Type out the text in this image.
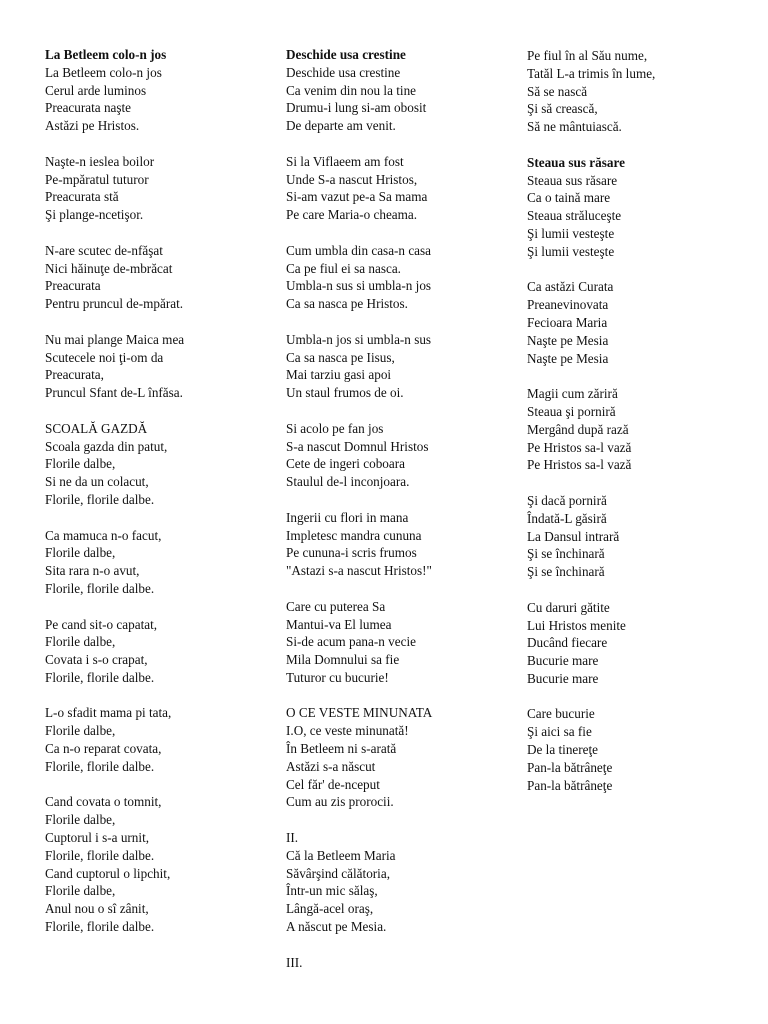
La Betleem colo-n jos
La Betleem colo-n jos
Cerul arde luminos
Preacurata naşte
Astăzi pe Hristos.
Naşte-n ieslea boilor
Pe-mpăratul tuturor
Preacurata stă
Şi plange-ncetişor.
N-are scutec de-nfăşat
Nici hăinuţe de-mbrăcat
Preacurata
Pentru pruncul de-mpărat.
Nu mai plange Maica mea
Scutecele noi ţi-om da
Preacurata,
Pruncul Sfant de-L înfăsa.
SCOALĂ GAZDĂ
Scoala gazda din patut,
Florile dalbe,
Si ne da un colacut,
Florile, florile dalbe.
Ca mamuca n-o facut,
Florile dalbe,
Sita rara n-o avut,
Florile, florile dalbe.
Pe cand sit-o capatat,
Florile dalbe,
Covata i s-o crapat,
Florile, florile dalbe.
L-o sfadit mama pi tata,
Florile dalbe,
Ca n-o reparat covata,
Florile, florile dalbe.
Cand covata o tomnit,
Florile dalbe,
Cuptorul i s-a urnit,
Florile, florile dalbe.
Cand cuptorul o lipchit,
Florile dalbe,
Anul nou o sî zânit,
Florile, florile dalbe.
Deschide usa crestine
Deschide usa crestine
Ca venim din nou la tine
Drumu-i lung si-am obosit
De departe am venit.
Si la Viflaeem am fost
Unde S-a nascut Hristos,
Si-am vazut pe-a Sa mama
Pe care Maria-o cheama.
Cum umbla din casa-n casa
Ca pe fiul ei sa nasca.
Umbla-n sus si umbla-n jos
Ca sa nasca pe Hristos.
Umbla-n jos si umbla-n sus
Ca sa nasca pe Iisus,
Mai tarziu gasi apoi
Un staul frumos de oi.
Si acolo pe fan jos
S-a nascut Domnul Hristos
Cete de ingeri coboara
Staulul de-l inconjoara.
Ingerii cu flori in mana
Impletesc mandra cununa
Pe cununa-i scris frumos
"Astazi s-a nascut Hristos!"
Care cu puterea Sa
Mantui-va El lumea
Si-de acum pana-n vecie
Mila Domnului sa fie
Tuturor cu bucurie!
O CE VESTE MINUNATA
I.O, ce veste minunată!
În Betleem ni s-arată
Astăzi s-a născut
Cel făr' de-nceput
Cum au zis prorocii.
II.
Că la Betleem Maria
Săvârşind călătoria,
Într-un mic sălaş,
Lângă-acel oraş,
A născut pe Mesia.
III.
Pe fiul în al Său nume,
Tatăl L-a trimis în lume,
Să se nască
Şi să crească,
Să ne mântuiască.
Steaua sus răsare
Steaua sus răsare
Ca o taină mare
Steaua străluceşte
Şi lumii vesteşte
Şi lumii vesteşte
Ca astăzi Curata
Preanevinovata
Fecioara Maria
Naşte pe Mesia
Naşte pe Mesia
Magii cum zăriră
Steaua şi porniră
Mergând după rază
Pe Hristos sa-l vază
Pe Hristos sa-l vază
Şi dacă porniră
Îndată-L găsiră
La Dansul intrară
Şi se închinară
Şi se închinară
Cu daruri gătite
Lui Hristos menite
Ducând fiecare
Bucurie mare
Bucurie mare
Care bucurie
Şi aici sa fie
De la tinereţe
Pan-la bătrâneţe
Pan-la bătrâneţe
